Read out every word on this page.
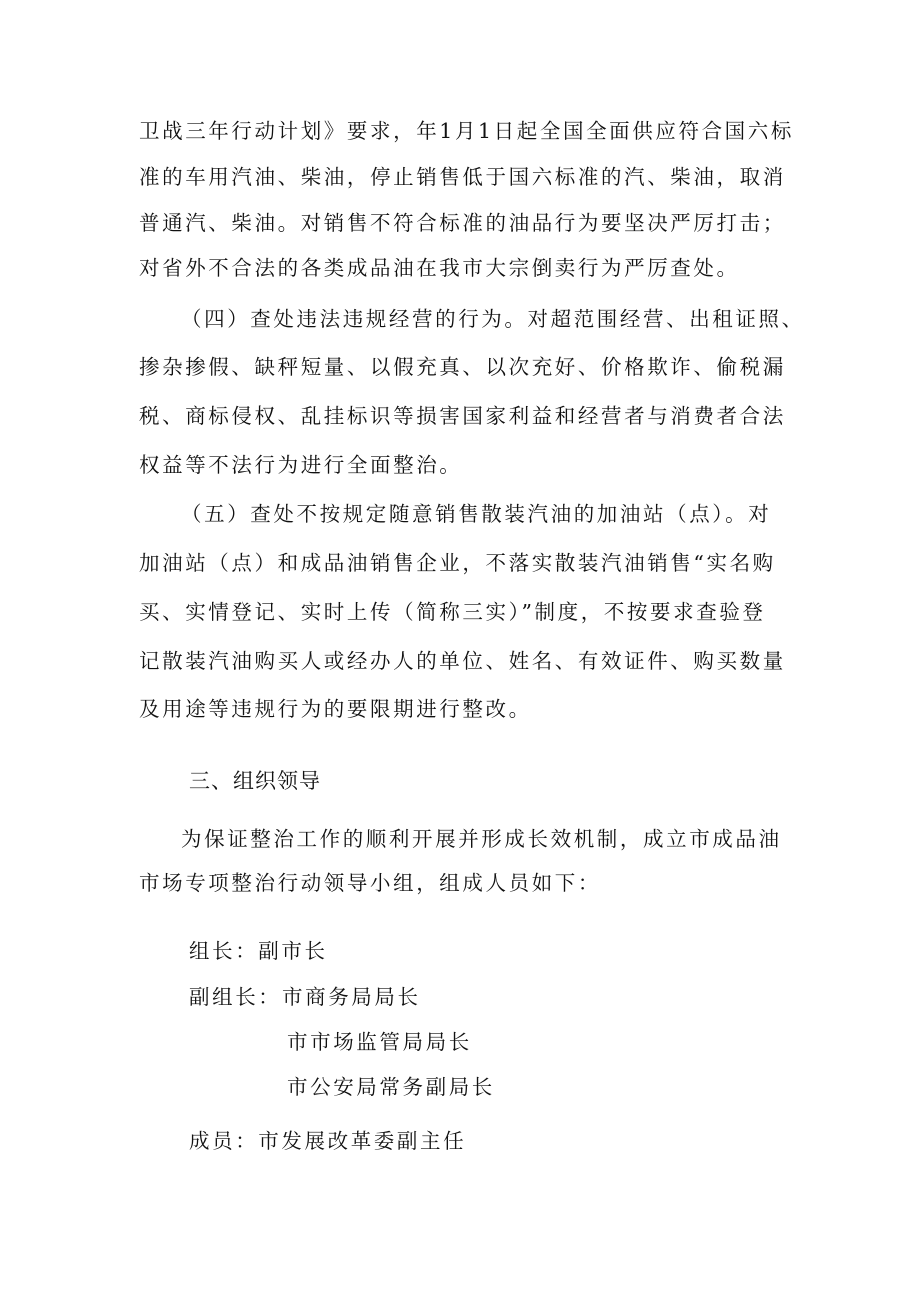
卫战三年行动计划》要求，年1月1日起全国全面供应符合国六标
准的车用汽油、柴油，停止销售低于国六标准的汽、柴油，取消
普通汽、柴油。对销售不符合标准的油品行为要坚决严厉打击；
对省外不合法的各类成品油在我市大宗倒卖行为严厉查处。
（四）查处违法违规经营的行为。对超范围经营、出租证照、
掺杂掺假、缺秤短量、以假充真、以次充好、价格欺诈、偷税漏
税、商标侵权、乱挂标识等损害国家利益和经营者与消费者合法
权益等不法行为进行全面整治。
（五）查处不按规定随意销售散装汽油的加油站（点）。对
加油站（点）和成品油销售企业，不落实散装汽油销售“实名购
买、实情登记、实时上传（简称三实）”制度，不按要求查验登
记散装汽油购买人或经办人的单位、姓名、有效证件、购买数量
及用途等违规行为的要限期进行整改。
三、组织领导
为保证整治工作的顺利开展并形成长效机制，成立市成品油
市场专项整治行动领导小组，组成人员如下：
组长：副市长
副组长： 市商务局局长
市市场监管局局长
市公安局常务副局长
成员：市发展改革委副主任
